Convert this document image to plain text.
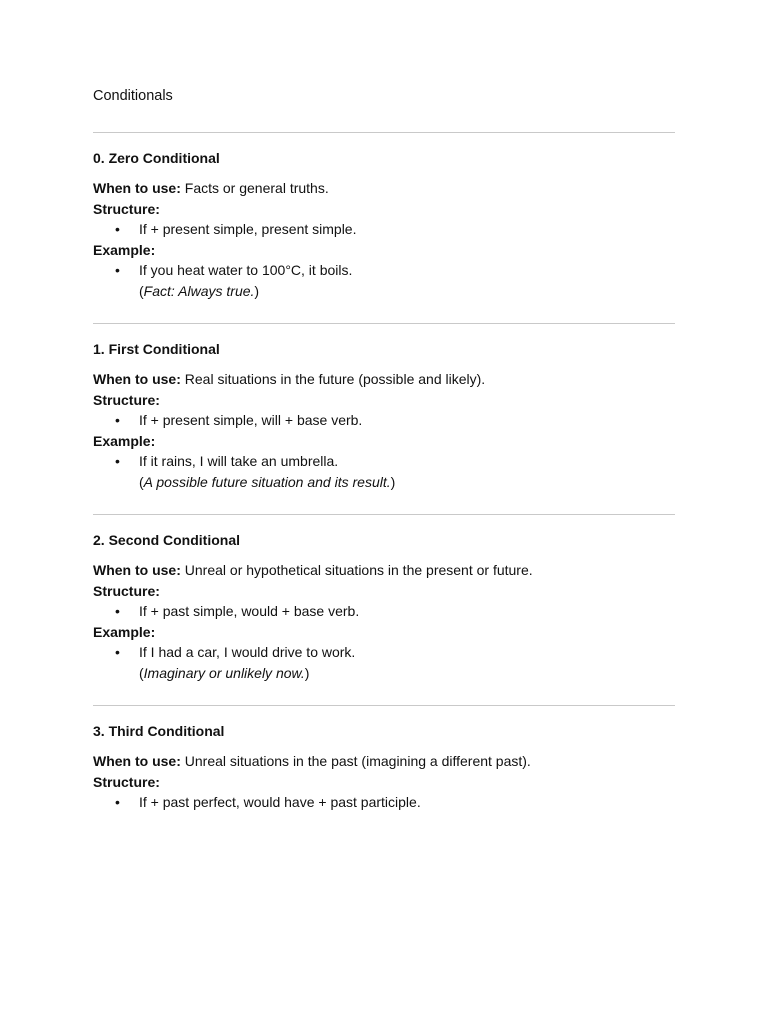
Conditionals

0. Zero Conditional

When to use: Facts or general truths.

Structure:

• If + present simple, present simple.

Example:

• If you heat water to 100°C, it boils.
(Fact: Always true.)

1. First Conditional

When to use: Real situations in the future (possible and likely).

Structure:

• If + present simple, will + base verb.

Example:

• If it rains, I will take an umbrella.
(A possible future situation and its result.)

2. Second Conditional

When to use: Unreal or hypothetical situations in the present or future.

Structure:

• If + past simple, would + base verb.

Example:

• If I had a car, I would drive to work.
(Imaginary or unlikely now.)

3. Third Conditional

When to use: Unreal situations in the past (imagining a different past).

Structure:

• If + past perfect, would have + past participle.
